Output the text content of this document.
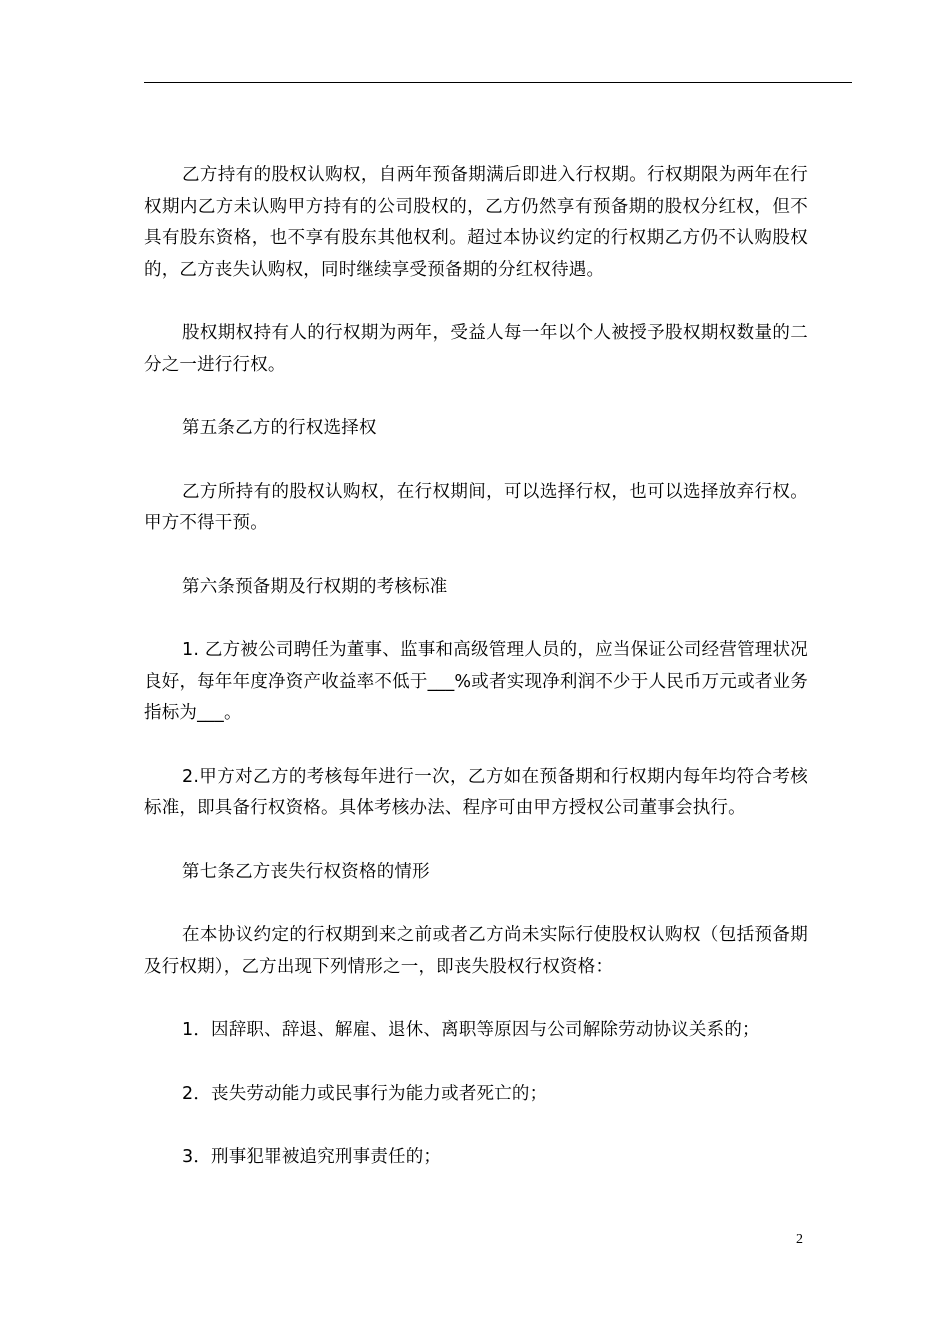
乙方持有的股权认购权，自两年预备期满后即进入行权期。行权期限为两年在行权期内乙方未认购甲方持有的公司股权的，乙方仍然享有预备期的股权分红权，但不具有股东资格，也不享有股东其他权利。超过本协议约定的行权期乙方仍不认购股权的，乙方丧失认购权，同时继续享受预备期的分红权待遇。

股权期权持有人的行权期为两年，受益人每一年以个人被授予股权期权数量的二分之一进行行权。

第五条乙方的行权选择权

乙方所持有的股权认购权，在行权期间，可以选择行权，也可以选择放弃行权。甲方不得干预。

第六条预备期及行权期的考核标准

1. 乙方被公司聘任为董事、监事和高级管理人员的，应当保证公司经营管理状况良好，每年年度净资产收益率不低于___%或者实现净利润不少于人民币万元或者业务指标为___。

2.甲方对乙方的考核每年进行一次，乙方如在预备期和行权期内每年均符合考核标准，即具备行权资格。具体考核办法、程序可由甲方授权公司董事会执行。

第七条乙方丧失行权资格的情形

在本协议约定的行权期到来之前或者乙方尚未实际行使股权认购权（包括预备期及行权期），乙方出现下列情形之一，即丧失股权行权资格：

1．因辞职、辞退、解雇、退休、离职等原因与公司解除劳动协议关系的；

2．丧失劳动能力或民事行为能力或者死亡的；

3．刑事犯罪被追究刑事责任的；

2
